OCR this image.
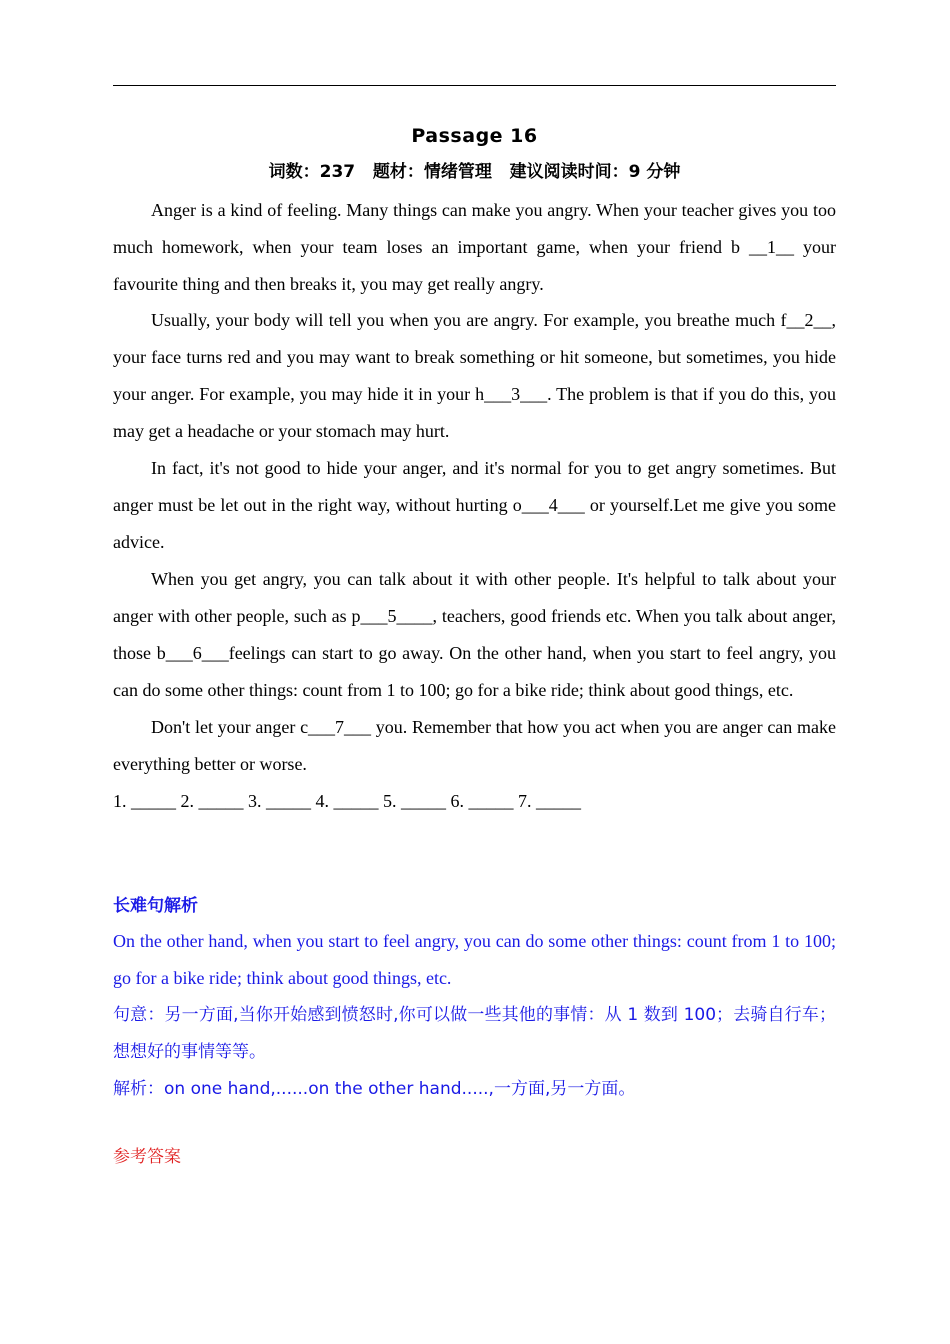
Passage 16
词数：237   题材：情绪管理   建议阅读时间：9 分钟

Anger is a kind of feeling. Many things can make you angry. When your teacher gives you too much homework, when your team loses an important game, when your friend b __1__ your favourite thing and then breaks it, you may get really angry.

Usually, your body will tell you when you are angry. For example, you breathe much f__2__, your face turns red and you may want to break something or hit someone, but sometimes, you hide your anger. For example, you may hide it in your h___3___. The problem is that if you do this, you may get a headache or your stomach may hurt.

In fact, it's not good to hide your anger, and it's normal for you to get angry sometimes. But anger must be let out in the right way, without hurting o___4___ or yourself.Let me give you some advice.

When you get angry, you can talk about it with other people. It's helpful to talk about your anger with other people, such as p___5____, teachers, good friends etc. When you talk about anger, those b___6___feelings can start to go away. On the other hand, when you start to feel angry, you can do some other things: count from 1 to 100; go for a bike ride; think about good things, etc.

Don't let your anger c___7___ you. Remember that how you act when you are anger can make everything better or worse.

1. _____ 2. _____ 3. _____ 4. _____ 5. _____ 6. _____ 7. _____

长难句解析

On the other hand, when you start to feel angry, you can do some other things: count from 1 to 100; go for a bike ride; think about good things, etc.

句意：另一方面,当你开始感到愤怒时,你可以做一些其他的事情：从 1 数到 100；去骑自行车；想想好的事情等等。

解析：on one hand,......on the other hand.....,一方面,另一方面。

参考答案
